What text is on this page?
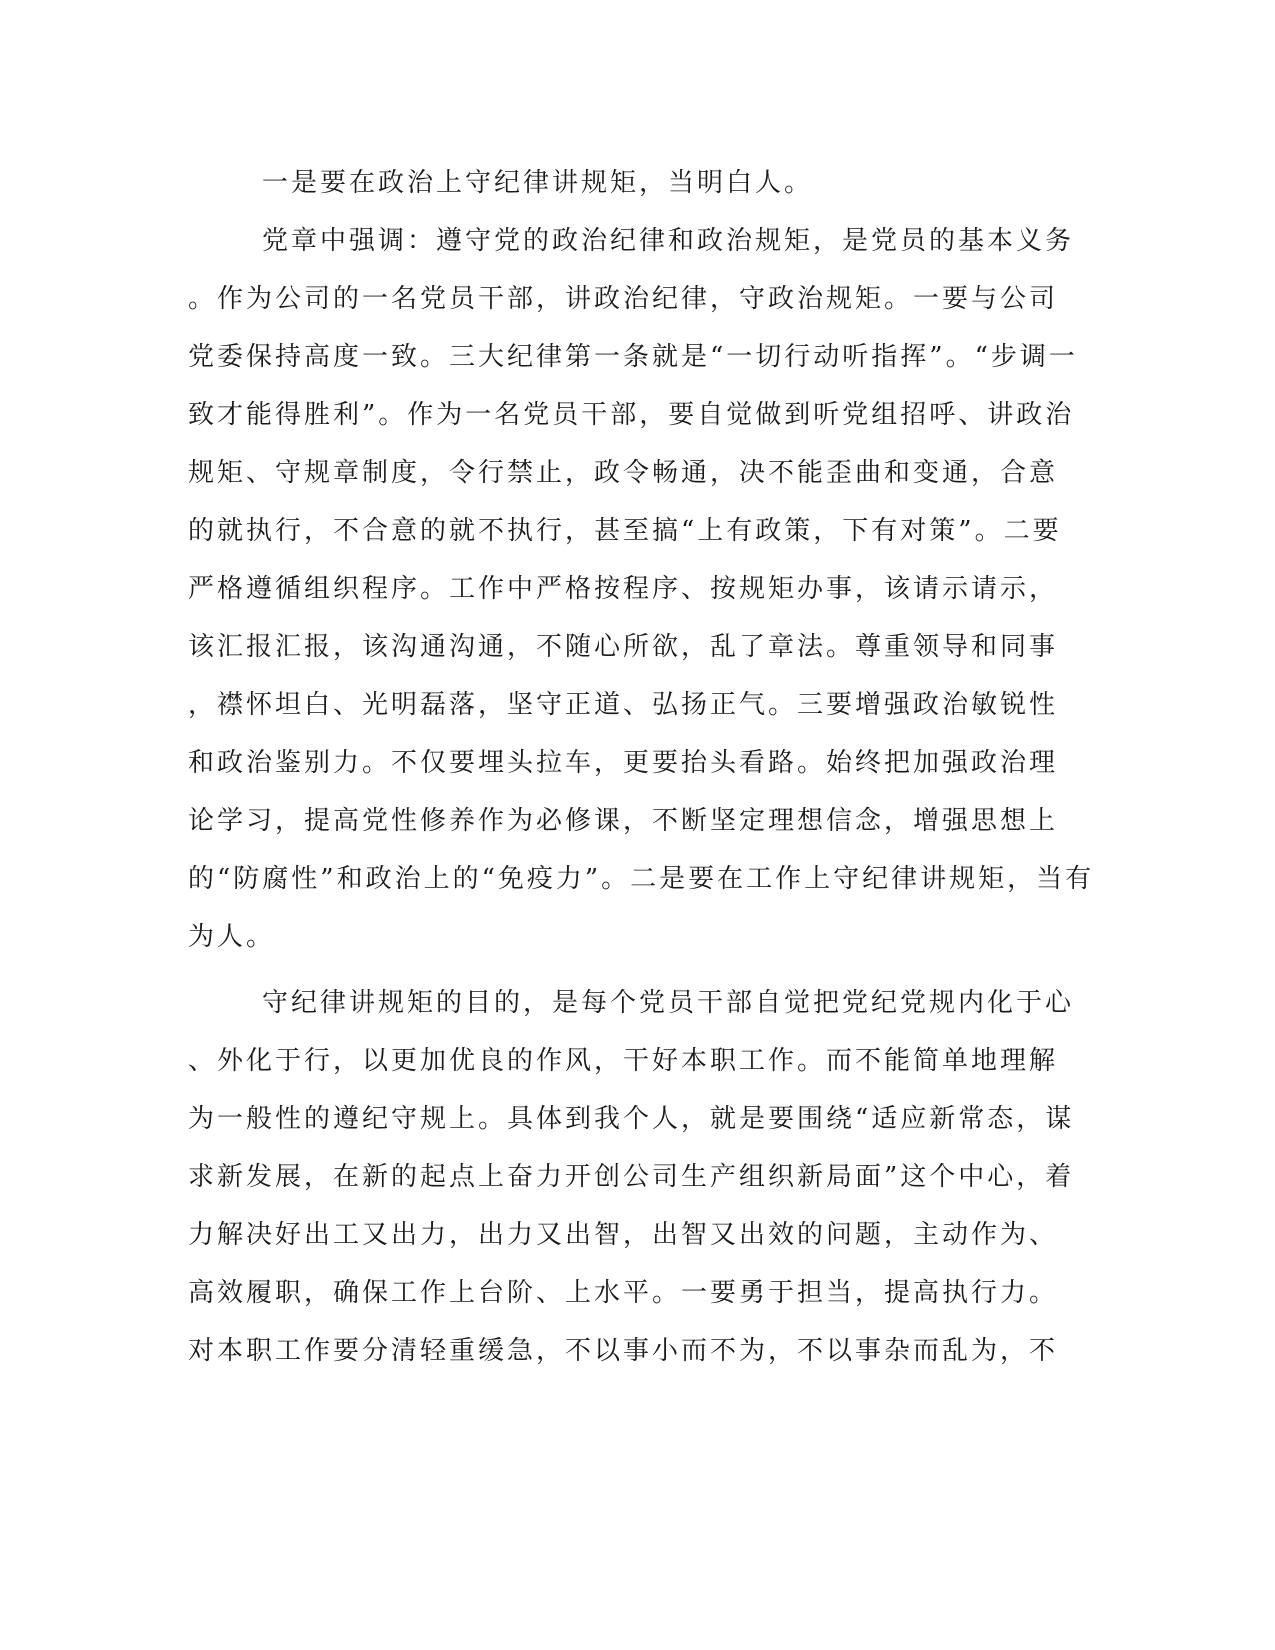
一是要在政治上守纪律讲规矩，当明白人。
党章中强调：遵守党的政治纪律和政治规矩，是党员的基本义务
。作为公司的一名党员干部，讲政治纪律，守政治规矩。一要与公司
党委保持高度一致。三大纪律第一条就是“一切行动听指挥”。“步调一
致才能得胜利”。作为一名党员干部，要自觉做到听党组招呼、讲政治
规矩、守规章制度，令行禁止，政令畅通，决不能歪曲和变通，合意
的就执行，不合意的就不执行，甚至搞“上有政策，下有对策”。二要
严格遵循组织程序。工作中严格按程序、按规矩办事，该请示请示，
该汇报汇报，该沟通沟通，不随心所欲，乱了章法。尊重领导和同事
，襟怀坦白、光明磊落，坚守正道、弘扬正气。三要增强政治敏锐性
和政治鉴别力。不仅要埋头拉车，更要抬头看路。始终把加强政治理
论学习，提高党性修养作为必修课，不断坚定理想信念，增强思想上
的“防腐性”和政治上的“免疫力”。二是要在工作上守纪律讲规矩，当有
为人。
守纪律讲规矩的目的，是每个党员干部自觉把党纪党规内化于心
、外化于行，以更加优良的作风，干好本职工作。而不能简单地理解
为一般性的遵纪守规上。具体到我个人，就是要围绕“适应新常态，谋
求新发展，在新的起点上奋力开创公司生产组织新局面”这个中心，着
力解决好出工又出力，出力又出智，出智又出效的问题，主动作为、
高效履职，确保工作上台阶、上水平。一要勇于担当，提高执行力。
对本职工作要分清轻重缓急，不以事小而不为，不以事杂而乱为，不
